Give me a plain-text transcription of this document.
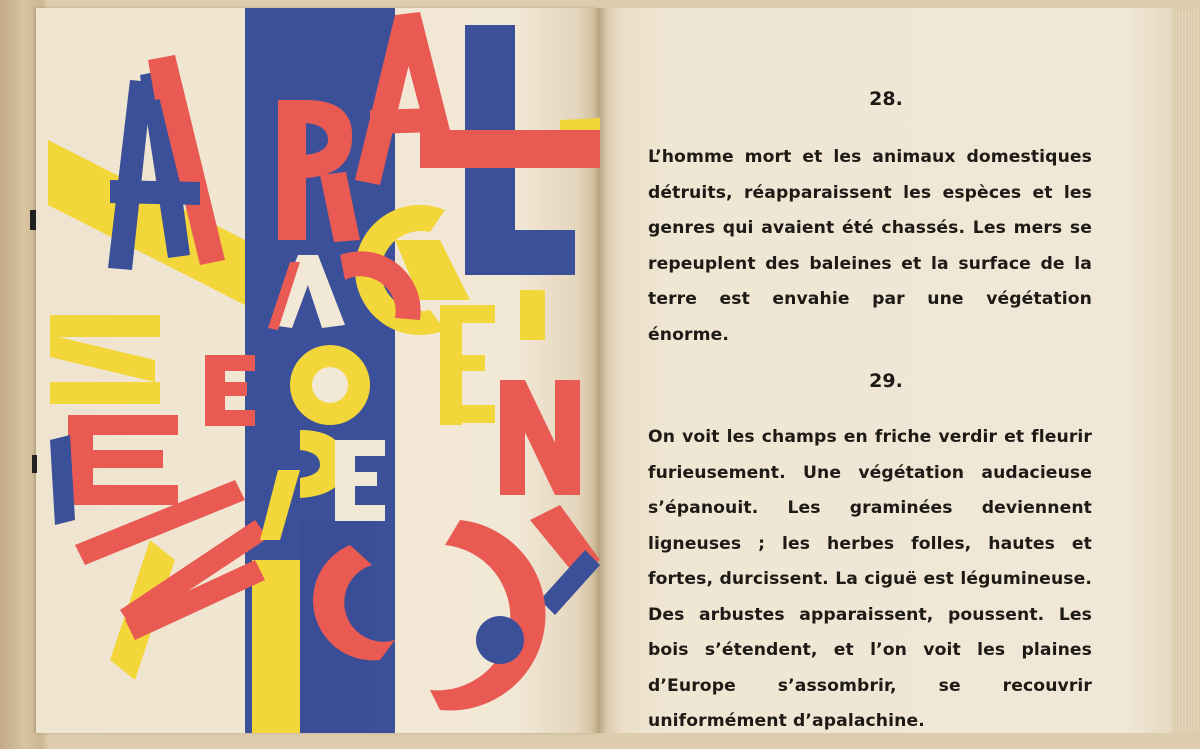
28.

L’homme mort et les animaux domestiques détruits, réapparaissent les espèces et les genres qui avaient été chassés. Les mers se repeuplent des baleines et la surface de la terre est envahie par une végétation énorme.

29.

On voit les champs en friche verdir et fleurir furieusement. Une végétation audacieuse s’épanouit. Les graminées deviennent ligneuses ; les herbes folles, hautes et fortes, durcissent. La ciguë est légumineuse. Des arbustes apparaissent, poussent. Les bois s’étendent, et l’on voit les plaines d’Europe s’assombrir, se recouvrir uniformément d’apalachine.
